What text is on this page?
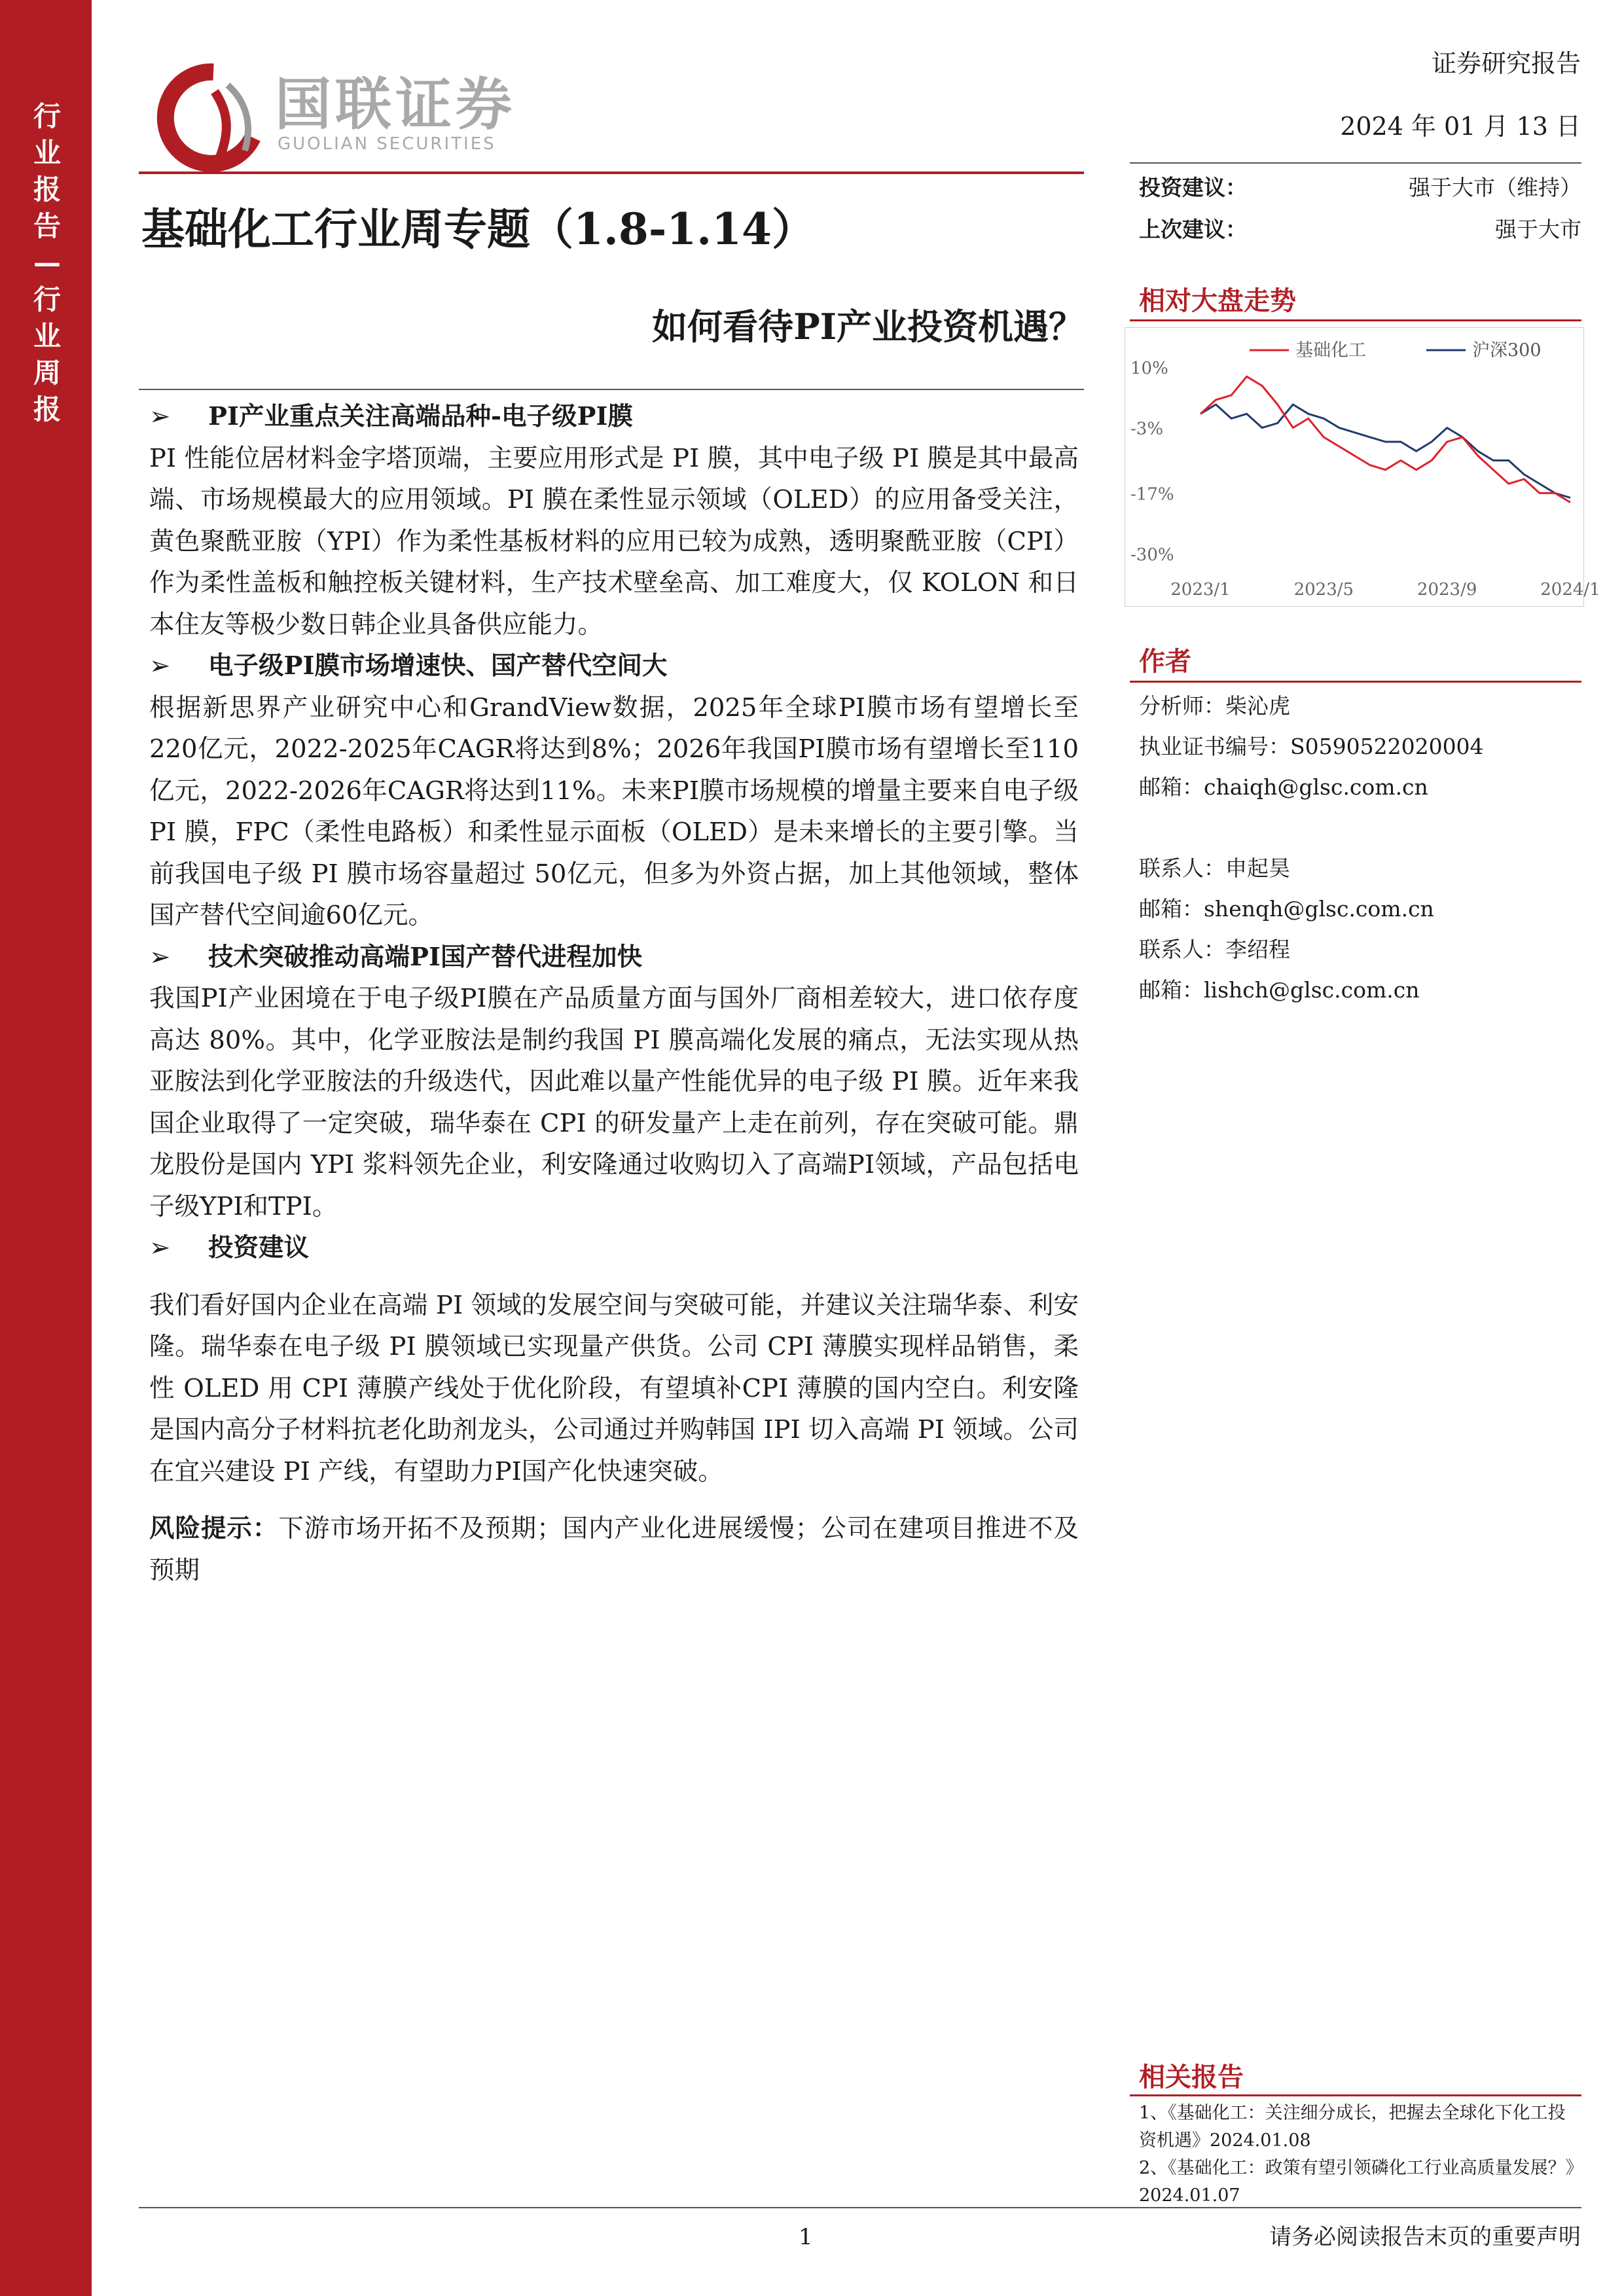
行业报告—行业周报
国联证券
GUOLIAN SECURITIES
证券研究报告
2024 年 01 月 13 日
基础化工行业周专题（1.8-1.14）
如何看待PI产业投资机遇？
➢ PI产业重点关注高端品种-电子级PI膜

PI 性能位居材料金字塔顶端，主要应用形式是 PI 膜，其中电子级 PI 膜是其中最高端、市场规模最大的应用领域。PI 膜在柔性显示领域（OLED）的应用备受关注，黄色聚酰亚胺（YPI）作为柔性基板材料的应用已较为成熟，透明聚酰亚胺（CPI）作为柔性盖板和触控板关键材料，生产技术壁垒高、加工难度大，仅 KOLON 和日本住友等极少数日韩企业具备供应能力。

➢ 电子级PI膜市场增速快、国产替代空间大

根据新思界产业研究中心和GrandView数据，2025年全球PI膜市场有望增长至220亿元，2022-2025年CAGR将达到8%；2026年我国PI膜市场有望增长至110亿元，2022-2026年CAGR将达到11%。未来PI膜市场规模的增量主要来自电子级 PI 膜，FPC（柔性电路板）和柔性显示面板（OLED）是未来增长的主要引擎。当前我国电子级 PI 膜市场容量超过 50亿元，但多为外资占据，加上其他领域，整体国产替代空间逾60亿元。

➢ 技术突破推动高端PI国产替代进程加快

我国PI产业困境在于电子级PI膜在产品质量方面与国外厂商相差较大，进口依存度高达 80%。其中，化学亚胺法是制约我国 PI 膜高端化发展的痛点，无法实现从热亚胺法到化学亚胺法的升级迭代，因此难以量产性能优异的电子级 PI 膜。近年来我国企业取得了一定突破，瑞华泰在 CPI 的研发量产上走在前列，存在突破可能。鼎龙股份是国内 YPI 浆料领先企业，利安隆通过收购切入了高端PI领域，产品包括电子级YPI和TPI。

➢ 投资建议

我们看好国内企业在高端 PI 领域的发展空间与突破可能，并建议关注瑞华泰、利安隆。瑞华泰在电子级 PI 膜领域已实现量产供货。公司 CPI 薄膜实现样品销售，柔性 OLED 用 CPI 薄膜产线处于优化阶段，有望填补CPI 薄膜的国内空白。利安隆是国内高分子材料抗老化助剂龙头，公司通过并购韩国 IPI 切入高端 PI 领域。公司在宜兴建设 PI 产线，有望助力PI国产化快速突破。

风险提示：下游市场开拓不及预期；国内产业化进展缓慢；公司在建项目推进不及预期

投资建议：	强于大市（维持）
上次建议：	强于大市
相对大盘走势
10%
-3%
-17%
-30%
2023/1	2023/5	2023/9	2024/1
基础化工	沪深300
作者
分析师：柴沁虎
执业证书编号：S0590522020004
邮箱：chaiqh@glsc.com.cn
联系人：申起昊
邮箱：shenqh@glsc.com.cn
联系人：李绍程
邮箱：lishch@glsc.com.cn
相关报告
1、《基础化工：关注细分成长，把握去全球化下化工投资机遇》2024.01.08
2、《基础化工：政策有望引领磷化工行业高质量发展？》2024.01.07
1	请务必阅读报告末页的重要声明
